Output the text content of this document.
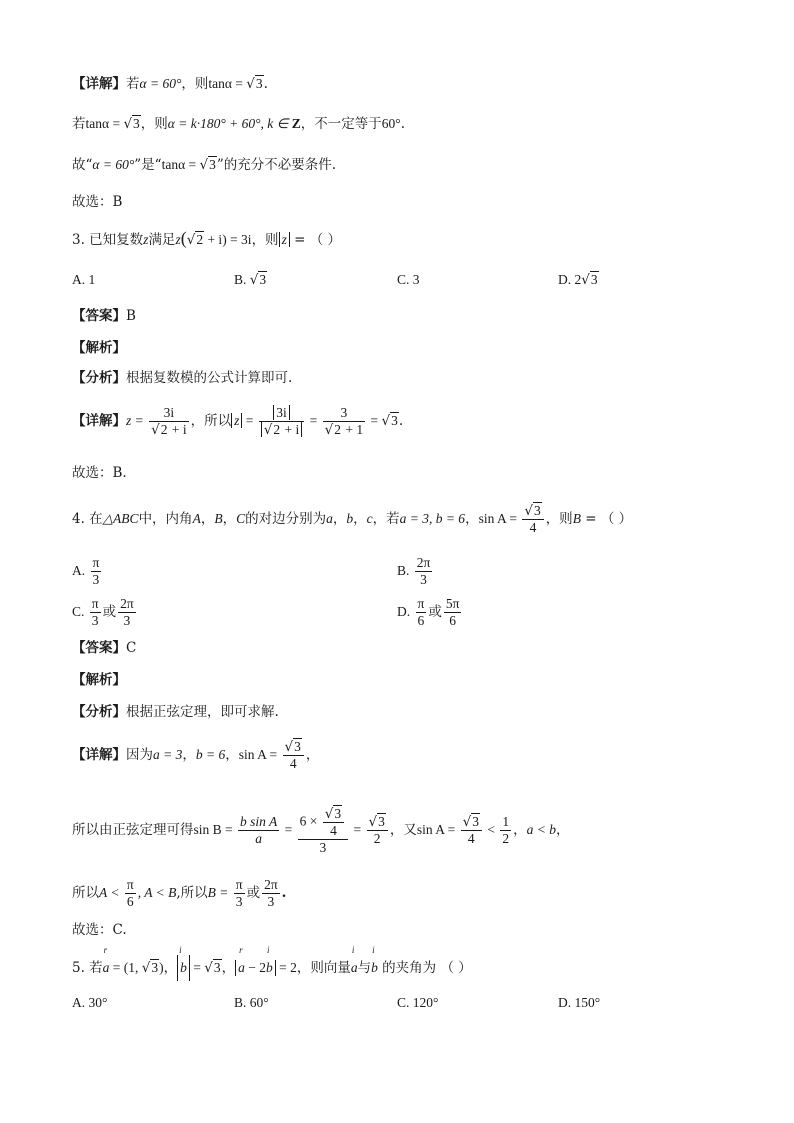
【详解】若α = 60°，则tanα = √3.
若tanα = √3，则α = k·180° + 60°, k ∈ Z，不一定等于60°.
故“α = 60°”是“tanα = √3”的充分不必要条件.
故选：B
3. 已知复数z满足z(√2 + i) = 3i，则 z = （ ）
A. 1	B. √3	C. 3	D. 2√3
【答案】B
【解析】
【分析】根据复数模的公式计算即可.
【详解】$z = \frac{3i}{√2 + i}$ ，所以 $z = \frac{3i}{√2 + i} = \frac{3}{√2 + 1} = √3$.
故选：B.
4. 在△ABC中，内角A，B，C的对边分别为a，b，c，若a = 3, b = 6，$\sin A = \frac{√3}{4}$ ，则B = （ ）
A. $\frac{\pi}{3}$	B. $\frac{2\pi}{3}$
C. $\frac{\pi}{3}$ 或 $\frac{2\pi}{3}$	D. $\frac{\pi}{6}$ 或 $\frac{5\pi}{6}$
【答案】C
【解析】
【分析】根据正弦定理，即可求解.
【详解】因为a = 3，b = 6，$\sin A = \frac{√3}{4}$ ，
所以由正弦定理可得$\sin B = \frac{\text{b sin A}}{a} = \frac{6 \times \frac{√3}{4}}{3} = \frac{√3}{2}$ ，又$\sin A = \frac{√3}{4} < \frac{1}{2}$ ，a < b，
所以$A < \frac{\pi}{6}$ , A < B,所以$B = \frac{\pi}{3}$ 或 $\frac{2\pi}{3}$ .
故选：C.
5. 若
r
a = (1, √3)，
i
b = √3，
r
a − 2
i
b = 2，则向量
i
a与
i
b 的夹角为 （ ）
A. 30°	B. 60°	C. 120°	D. 150°
